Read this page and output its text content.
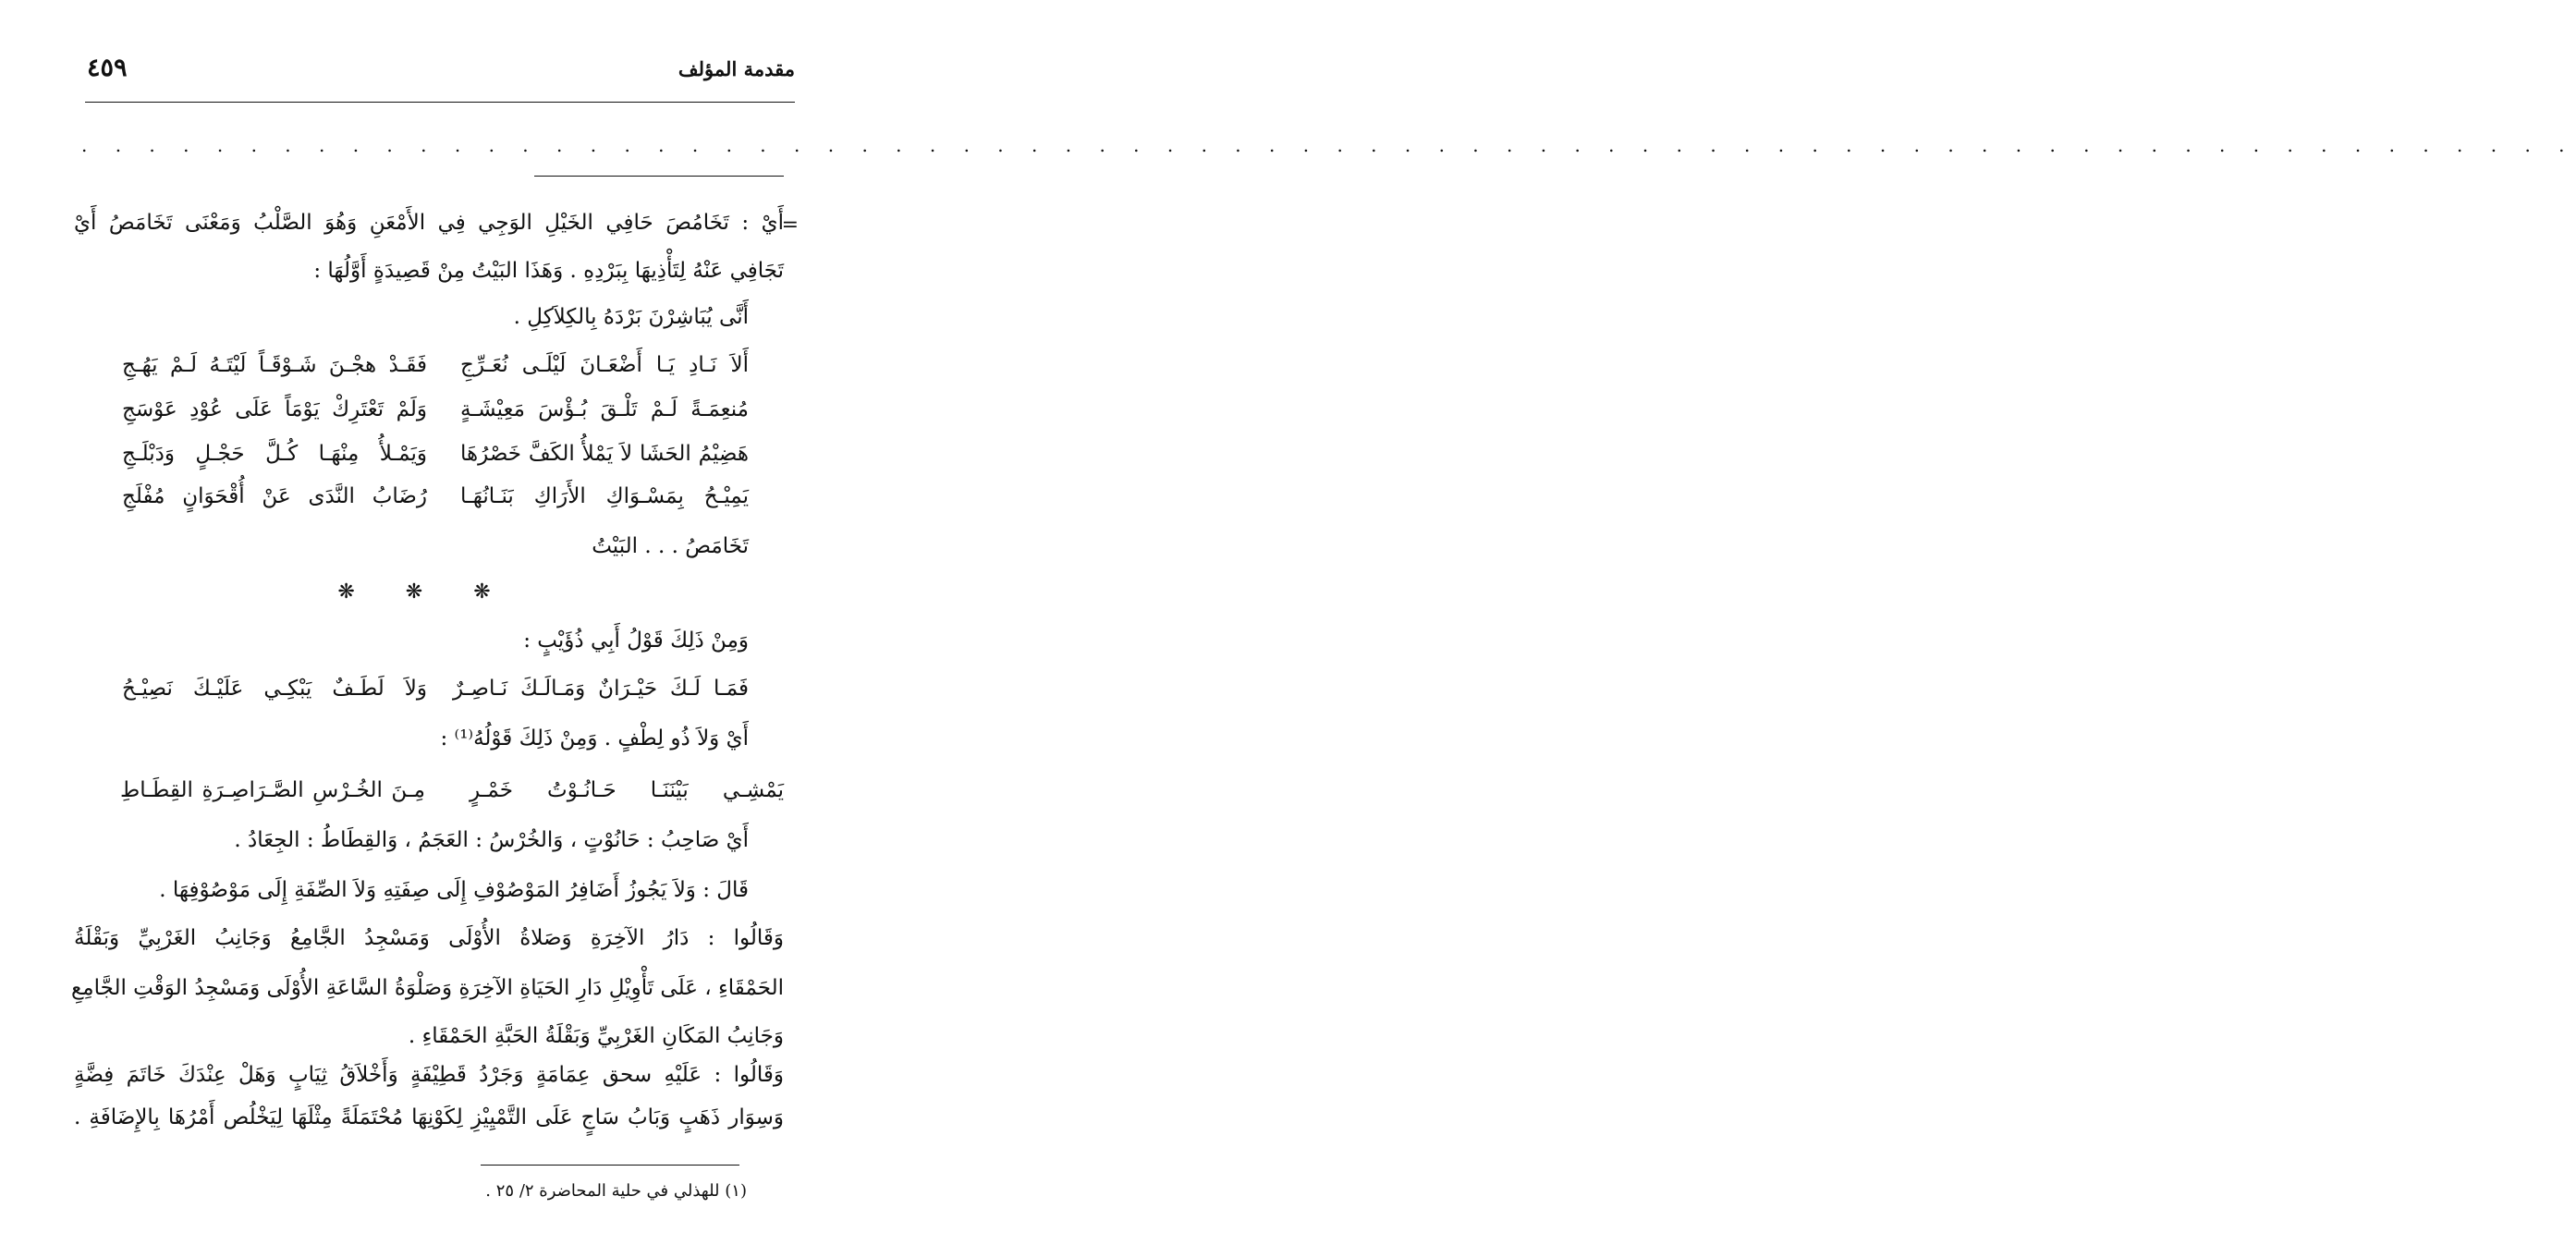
مقدمة المؤلف
٤٥٩
. . . . . . . . . . . . . . . . . . . . . . . . . . . . . . . . . . . . . . . . . . . . . . . . . . . . . . . . . . . . . . . . . . . . . . . . . .
=
أَيْ : تَخَامُصَ حَافِي الخَيْلِ الوَجِي فِي الأَمْعَنِ وَهُوَ الصَّلْبُ وَمَعْنَى تَخَامَصُ أَيْ
تَجَافِي عَنْهُ لِتَأْذِيهَا بِبَرْدِهِ . وَهَذَا البَيْتُ مِنْ قَصِيدَةٍ أَوَّلُهَا :
أَنَّى يُبَاشِرْنَ بَرْدَهُ بِالكِلاَكِلِ .
أَلاَ نَـادِ يَـا أَضْعَـانَ لَيْلَـى نُعَـرِّجِ
فَقَـدْ هجْـنَ شَـوْقَـاً لَيْتَـهُ لَـمْ يَهُـجِ
مُنعِمَـةً لَـمْ تَلْـقَ بُـؤْسَ مَعِيْشَـةٍ
وَلَمْ تَعْتَرِكْ يَوْمَاً عَلَى عُوْدِ عَوْسَجِ
هَضِيْمُ الحَشَا لاَ يَمْلأُ الكَفَّ خَصْرُهَا
وَيَمْـلأُ مِنْهَـا كُـلَّ حَجْـلٍ وَدَبْلَـجِ
يَمِيْـحُ بِمَسْـوَاكِ الأَرَاكِ بَنَـانُهَـا
رُضَابُ النَّدَى عَنْ أُقْحَوَانٍ مُفْلَجِ
تَخَامَصُ . . . البَيْتُ
❋ ❋ ❋
وَمِنْ ذَلِكَ قَوْلُ أَبِي ذُؤَيْبٍ :
فَمَـا لَـكَ حَيْـرَانٌ وَمَـالَـكَ نَـاصِـرٌ
وَلاَ لَطَـفٌ يَبْكِـي عَلَيْـكَ نَصِيْـحُ
أَيْ وَلاَ ذُو لِطْفٍ . وَمِنْ ذَلِكَ قَوْلُهُ⁽¹⁾ :
يَمْشِـي بَيْنَنَـا حَـانُـوْتُ خَمْـرٍ
مِـنَ الخُـرْسِ الصَّـرَاصِـرَةِ القِطَـاطِ
أَيْ صَاحِبُ : حَانُوْتٍ ، وَالخُرْسُ : العَجَمُ ، وَالقِطَاطُ : الجِعَادُ .
قَالَ : وَلاَ يَجُوزُ أَضَافِرُ المَوْصُوْفِ إِلَى صِفَتِهِ وَلاَ الصِّفَةِ إِلَى مَوْصُوْفِهَا .
وَقَالُوا : دَارُ الآخِرَةِ وَصَلاةُ الأُوْلَى وَمَسْجِدُ الجَّامِعُ وَجَانِبُ الغَرْبِيِّ وَبَقْلَةُ
الحَمْقَاءِ ، عَلَى تَأْوِيْلِ دَارِ الحَيَاةِ الآخِرَةِ وَصَلْوَةُ السَّاعَةِ الأُوْلَى وَمَسْجِدُ الوَقْتِ الجَّامِعِ
وَجَانِبُ المَكَانِ الغَرْبِيِّ وَبَقْلَةُ الحَبَّةِ الحَمْقَاءِ .
وَقَالُوا : عَلَيْهِ سحق عِمَامَةٍ وَجَرْدُ قَطِيْفَةٍ وَأَخْلاَقُ ثِيَابٍ وَهَلْ عِنْدَكَ خَاتَمَ فِضَّةٍ
وَسِوَار ذَهَبٍ وَبَابُ سَاجٍ عَلَى التَّمْيِيْزِ لِكَوْنِهَا مُحْتَمَلَةً مِثْلَهَا لِيَخْلُص أَمْرُهَا بِالإِضَافَةِ .
(١) للهذلي في حلية المحاضرة ٢/ ٢٥ .
